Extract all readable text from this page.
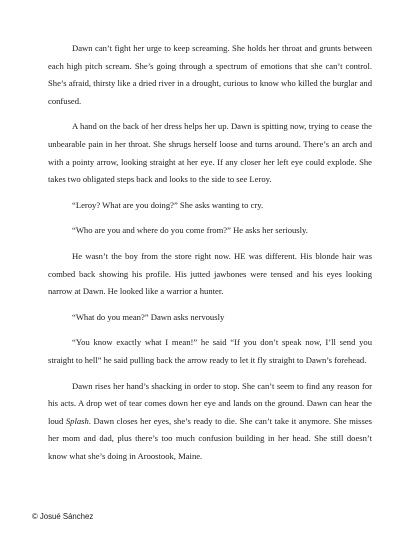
Dawn can’t fight her urge to keep screaming. She holds her throat and grunts between each high pitch scream. She’s going through a spectrum of emotions that she can’t control. She’s afraid, thirsty like a dried river in a drought, curious to know who killed the burglar and confused.

A hand on the back of her dress helps her up. Dawn is spitting now, trying to cease the unbearable pain in her throat. She shrugs herself loose and turns around. There’s an arch and with a pointy arrow, looking straight at her eye. If any closer her left eye could explode. She takes two obligated steps back and looks to the side to see Leroy.

“Leroy? What are you doing?” She asks wanting to cry.

“Who are you and where do you come from?” He asks her seriously.

He wasn’t the boy from the store right now. HE was different. His blonde hair was combed back showing his profile. His jutted jawbones were tensed and his eyes looking narrow at Dawn. He looked like a warrior a hunter.

“What do you mean?” Dawn asks nervously

“You know exactly what I mean!” he said “If you don’t speak now, I’ll send you straight to hell” he said pulling back the arrow ready to let it fly straight to Dawn’s forehead.

Dawn rises her hand’s shacking in order to stop. She can’t seem to find any reason for his acts. A drop wet of tear comes down her eye and lands on the ground. Dawn can hear the loud Splash. Dawn closes her eyes, she’s ready to die. She can’t take it anymore. She misses her mom and dad, plus there’s too much confusion building in her head. She still doesn’t know what she’s doing in Aroostook, Maine.

© Josué Sánchez
